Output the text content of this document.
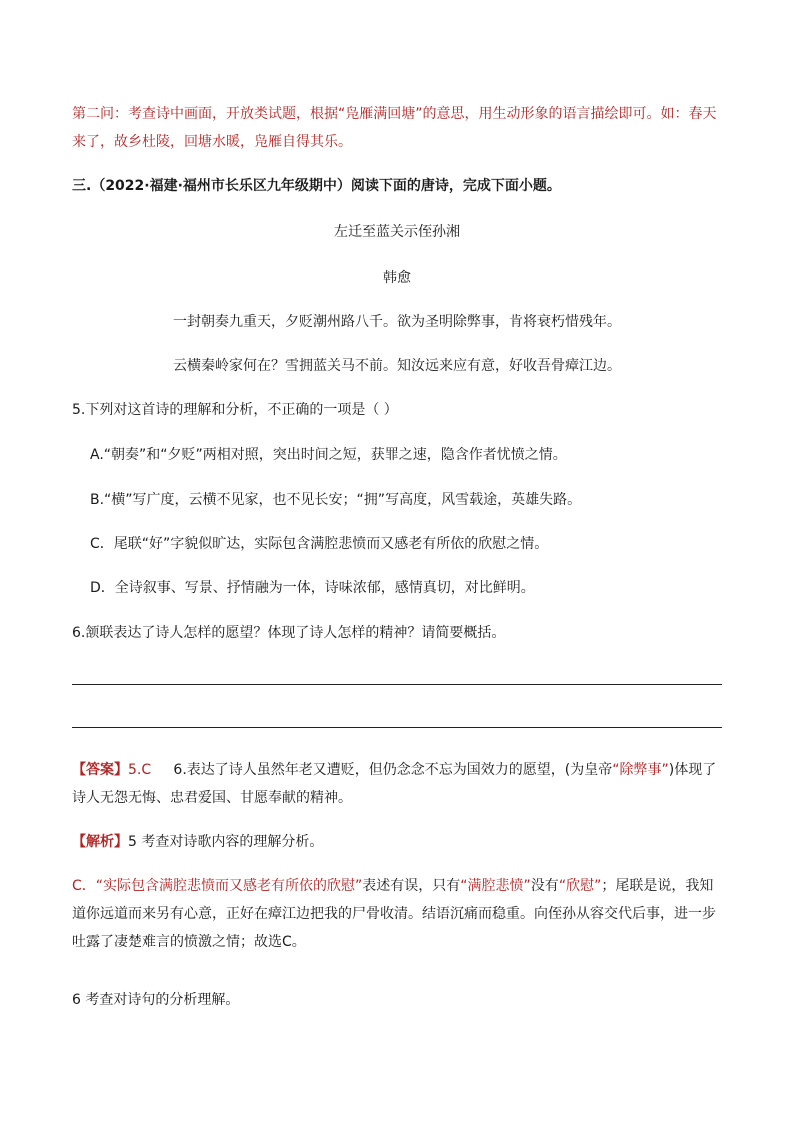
第二问：考查诗中画面，开放类试题，根据“凫雁满回塘”的意思，用生动形象的语言描绘即可。如：春天来了，故乡杜陵，回塘水暖，凫雁自得其乐。

三.（2022·福建·福州市长乐区九年级期中）阅读下面的唐诗，完成下面小题。

左迁至蓝关示侄孙湘

韩愈

一封朝奏九重天，夕贬潮州路八千。欲为圣明除弊事，肯将衰朽惜残年。

云横秦岭家何在？雪拥蓝关马不前。知汝远来应有意，好收吾骨瘴江边。

5.下列对这首诗的理解和分析，不正确的一项是（ ）

A.“朝奏”和“夕贬”两相对照，突出时间之短，获罪之速，隐含作者忧愤之情。

B.“横”写广度，云横不见家，也不见长安；“拥”写高度，风雪载途，英雄失路。

C．尾联“好”字貌似旷达，实际包含满腔悲愤而又感老有所依的欣慰之情。

D．全诗叙事、写景、抒情融为一体，诗味浓郁，感情真切，对比鲜明。

6.颔联表达了诗人怎样的愿望？体现了诗人怎样的精神？请简要概括。

【答案】5.C 6.表达了诗人虽然年老又遭贬，但仍念念不忘为国效力的愿望，(为皇帝“除弊事”)体现了诗人无怨无悔、忠君爱国、甘愿奉献的精神。

【解析】5 考查对诗歌内容的理解分析。

C．“实际包含满腔悲愤而又感老有所依的欣慰”表述有误，只有“满腔悲愤”没有“欣慰”；尾联是说，我知道你远道而来另有心意，正好在瘴江边把我的尸骨收清。结语沉痛而稳重。向侄孙从容交代后事，进一步吐露了凄楚难言的愤激之情；故选C。

6 考查对诗句的分析理解。
